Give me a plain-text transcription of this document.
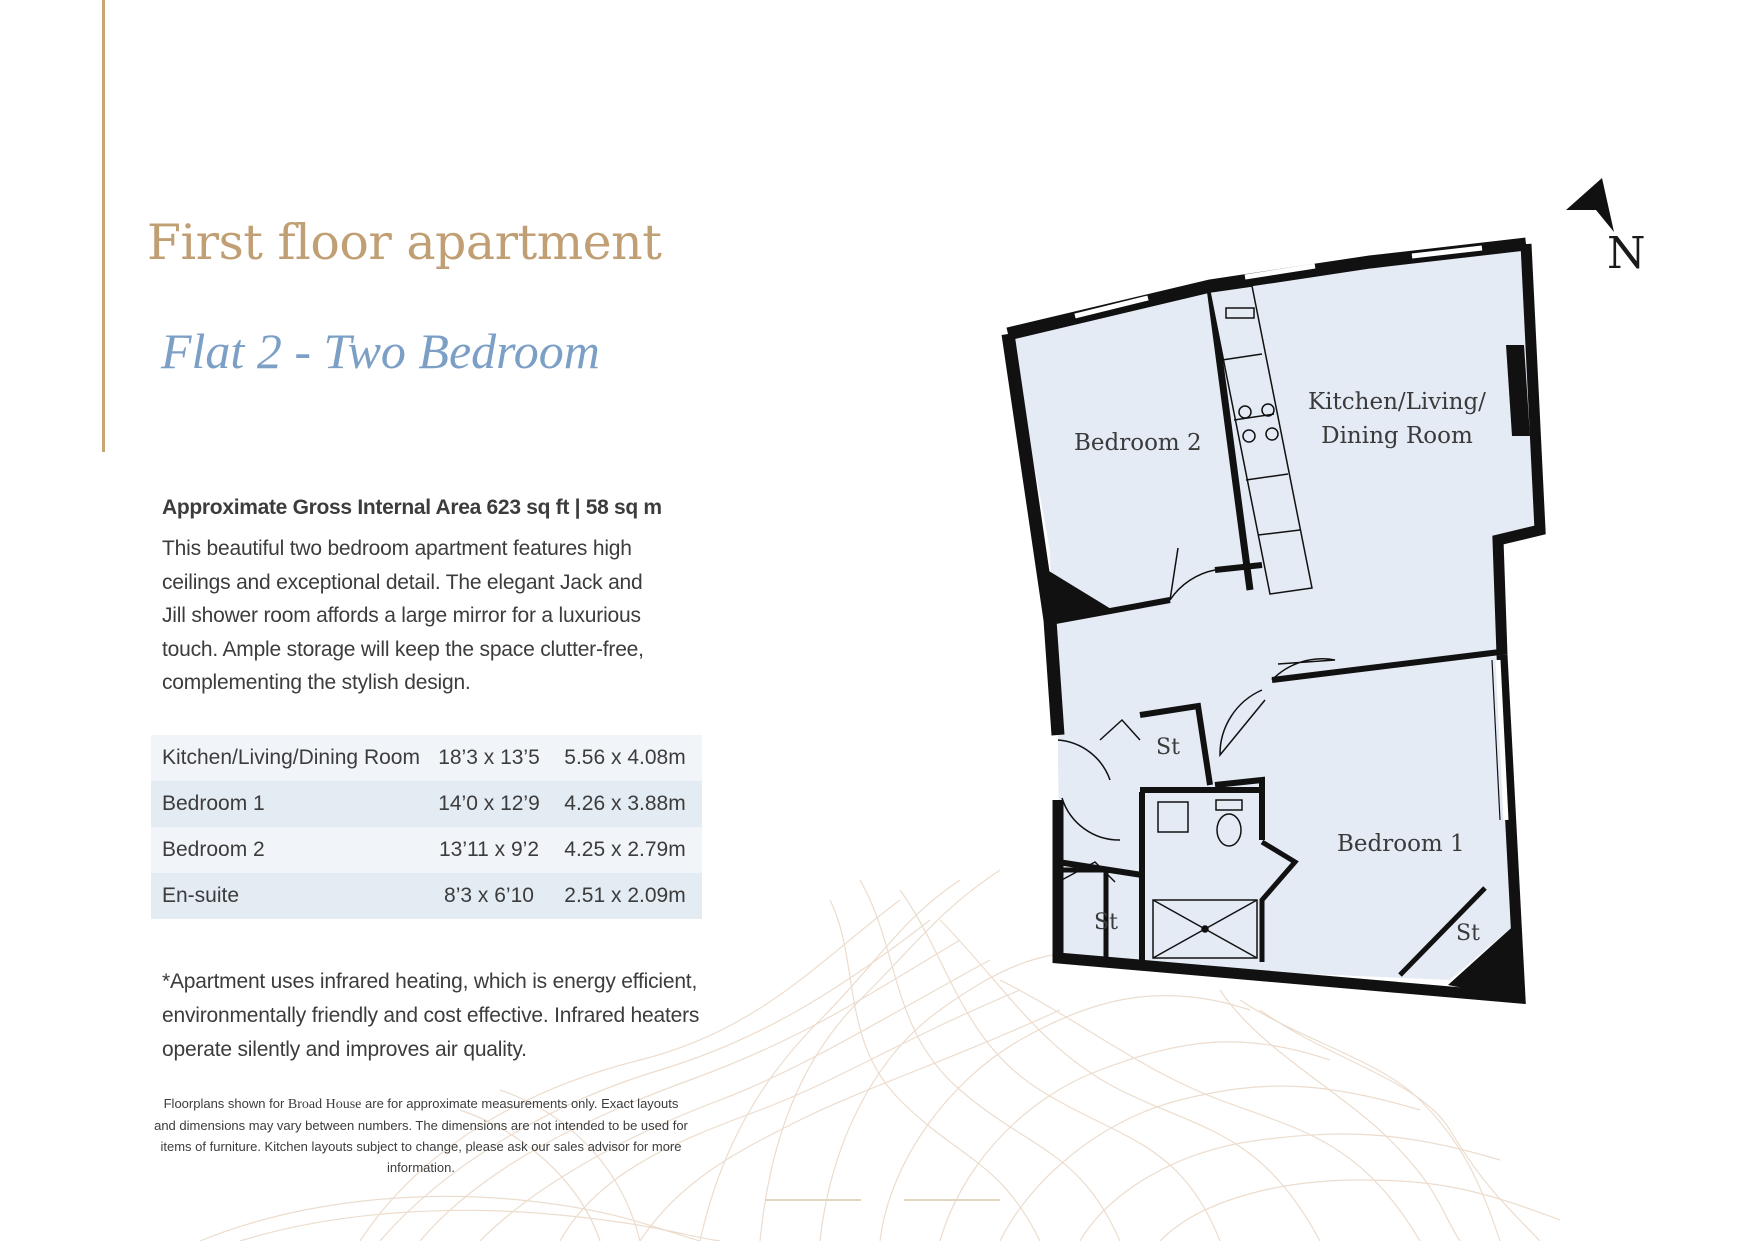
First floor apartment
Flat 2 - Two Bedroom
Approximate Gross Internal Area 623 sq ft | 58 sq m
This beautiful two bedroom apartment features high ceilings and exceptional detail. The elegant Jack and Jill shower room affords a large mirror for a luxurious touch. Ample storage will keep the space clutter-free, complementing the stylish design.
Kitchen/Living/Dining Room	18’3 x 13’5	5.56 x 4.08m
Bedroom 1	14’0 x 12’9	4.26 x 3.88m
Bedroom 2	13’11 x 9’2	4.25 x 2.79m
En-suite	8’3 x 6’10	2.51 x 2.09m
*Apartment uses infrared heating, which is energy efficient, environmentally friendly and cost effective. Infrared heaters operate silently and improves air quality.
Floorplans shown for Broad House are for approximate measurements only. Exact layouts and dimensions may vary between numbers. The dimensions are not intended to be used for items of furniture. Kitchen layouts subject to change, please ask our sales advisor for more information.
Kitchen/Living/
Dining Room
Bedroom 2
Bedroom 1
St
St	St
N
